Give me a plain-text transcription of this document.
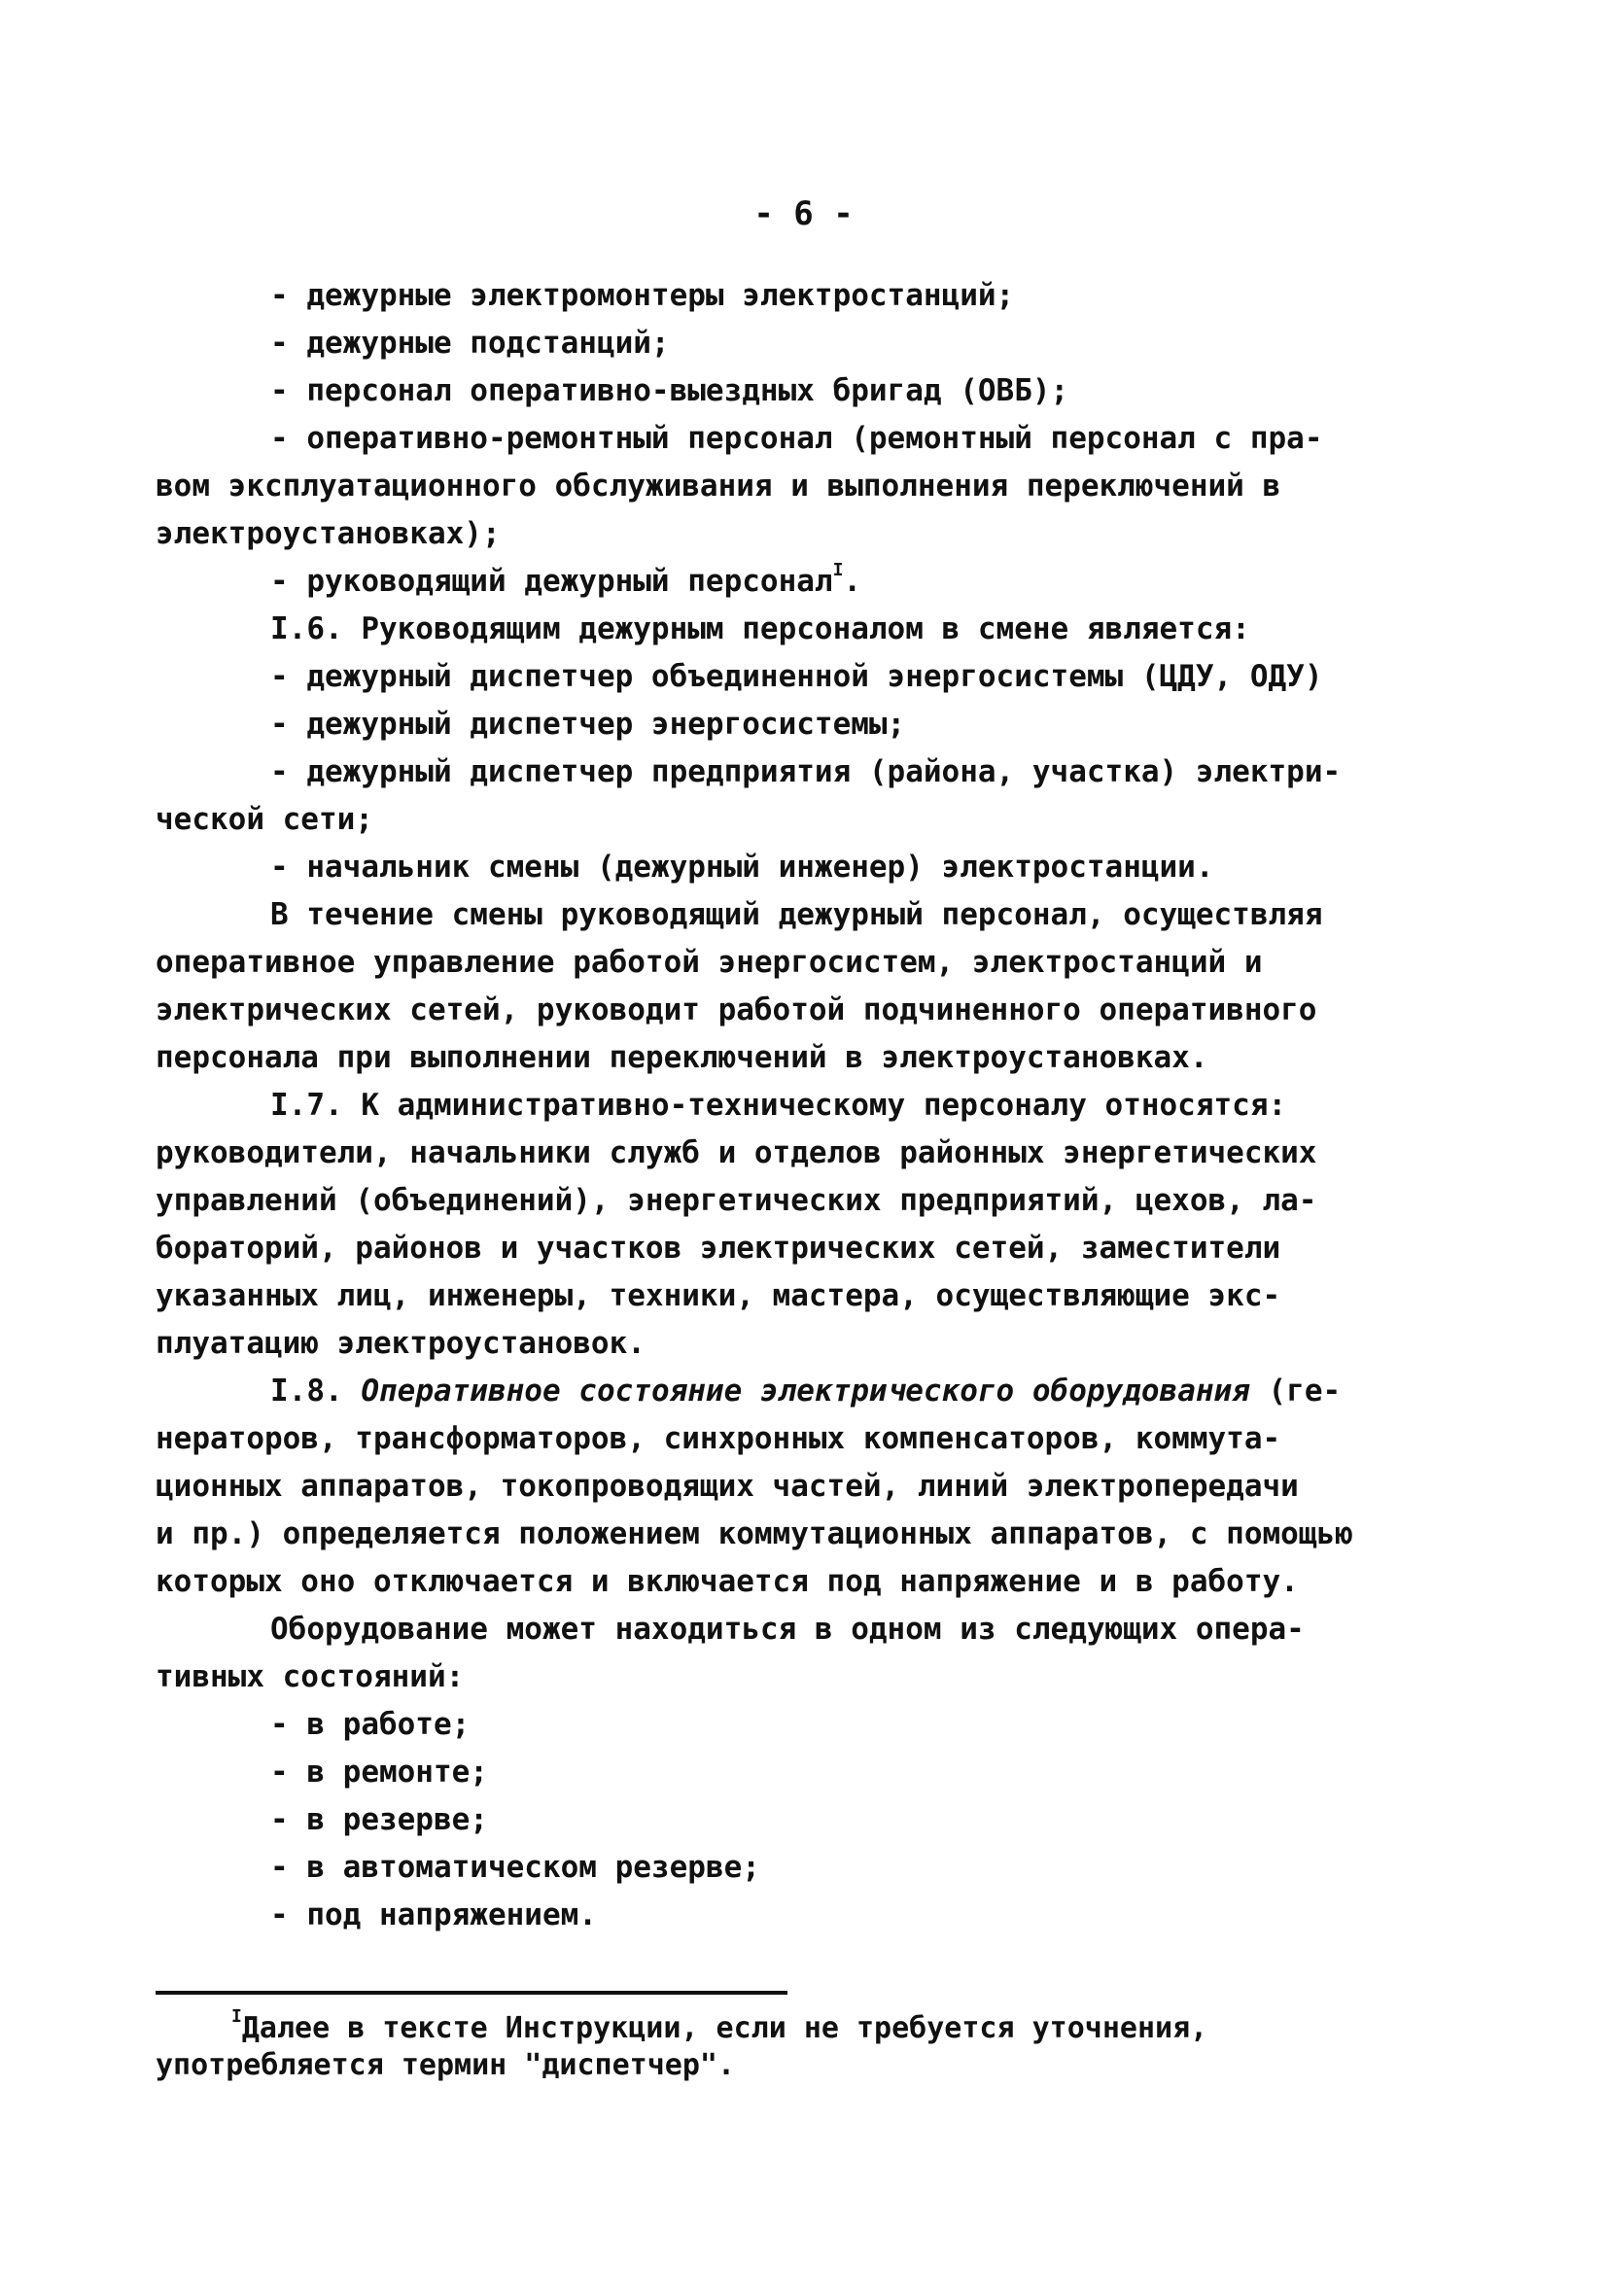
- 6 -
- дежурные электромонтеры электростанций;
- дежурные подстанций;
- персонал оперативно-выездных бригад (ОВБ);
- оперативно-ремонтный персонал (ремонтный персонал с пра-
вом эксплуатационного обслуживания и выполнения переключений в
электроустановках);
- руководящий дежурный персонал$^I$.
I.6. Руководящим дежурным персоналом в смене является:
- дежурный диспетчер объединенной энергосистемы (ЦДУ, ОДУ)
- дежурный диспетчер энергосистемы;
- дежурный диспетчер предприятия (района, участка) электри-
ческой сети;
- начальник смены (дежурный инженер) электростанции.
В течение смены руководящий дежурный персонал, осуществляя
оперативное управление работой энергосистем, электростанций и
электрических сетей, руководит работой подчиненного оперативного
персонала при выполнении переключений в электроустановках.
I.7. К административно-техническому персоналу относятся:
руководители, начальники служб и отделов районных энергетических
управлений (объединений), энергетических предприятий, цехов, ла-
бораторий, районов и участков электрических сетей, заместители
указанных лиц, инженеры, техники, мастера, осуществляющие экс-
плуатацию электроустановок.
I.8. Оперативное состояние электрического оборудования (ге-
нераторов, трансформаторов, синхронных компенсаторов, коммута-
ционных аппаратов, токопроводящих частей, линий электропередачи
и пр.) определяется положением коммутационных аппаратов, с помощью
которых оно отключается и включается под напряжение и в работу.
Оборудование может находиться в одном из следующих опера-
тивных состояний:
- в работе;
- в ремонте;
- в резерве;
- в автоматическом резерве;
- под напряжением.
$^I$Далее в тексте Инструкции, если не требуется уточнения,
употребляется термин "диспетчер".
